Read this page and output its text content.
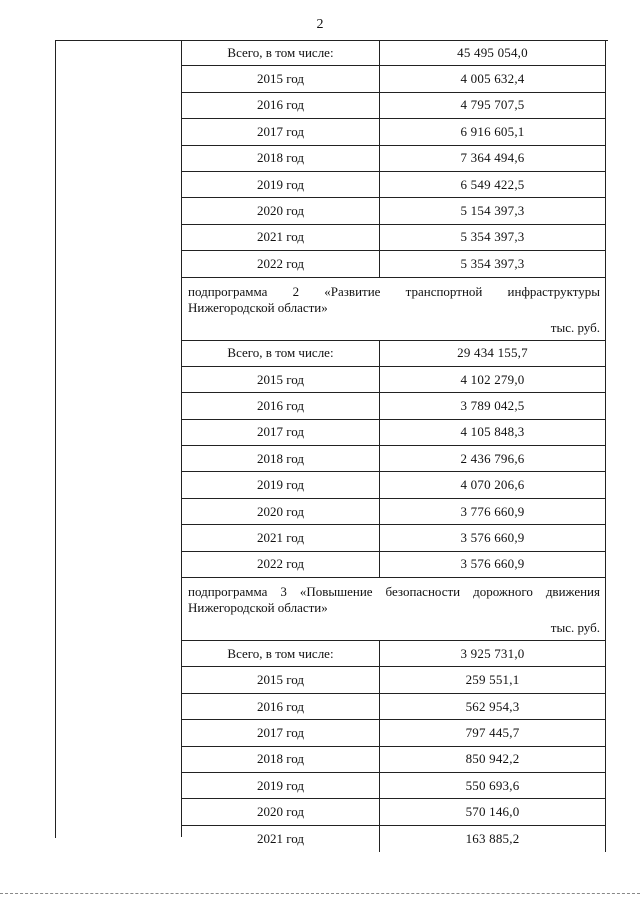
2
Всего, в том числе:	45 495 054,0
2015 год	4 005 632,4
2016 год	4 795 707,5
2017 год	6 916 605,1
2018 год	7 364 494,6
2019 год	6 549 422,5
2020 год	5 154 397,3
2021 год	5 354 397,3
2022 год	5 354 397,3
подпрограмма 2 «Развитие транспортной инфраструктуры Нижегородской области»
тыс. руб.
Всего, в том числе:	29 434 155,7
2015 год	4 102 279,0
2016 год	3 789 042,5
2017 год	4 105 848,3
2018 год	2 436 796,6
2019 год	4 070 206,6
2020 год	3 776 660,9
2021 год	3 576 660,9
2022 год	3 576 660,9
подпрограмма 3 «Повышение безопасности дорожного движения Нижегородской области»
тыс. руб.
Всего, в том числе:	3 925 731,0
2015 год	259 551,1
2016 год	562 954,3
2017 год	797 445,7
2018 год	850 942,2
2019 год	550 693,6
2020 год	570 146,0
2021 год	163 885,2
